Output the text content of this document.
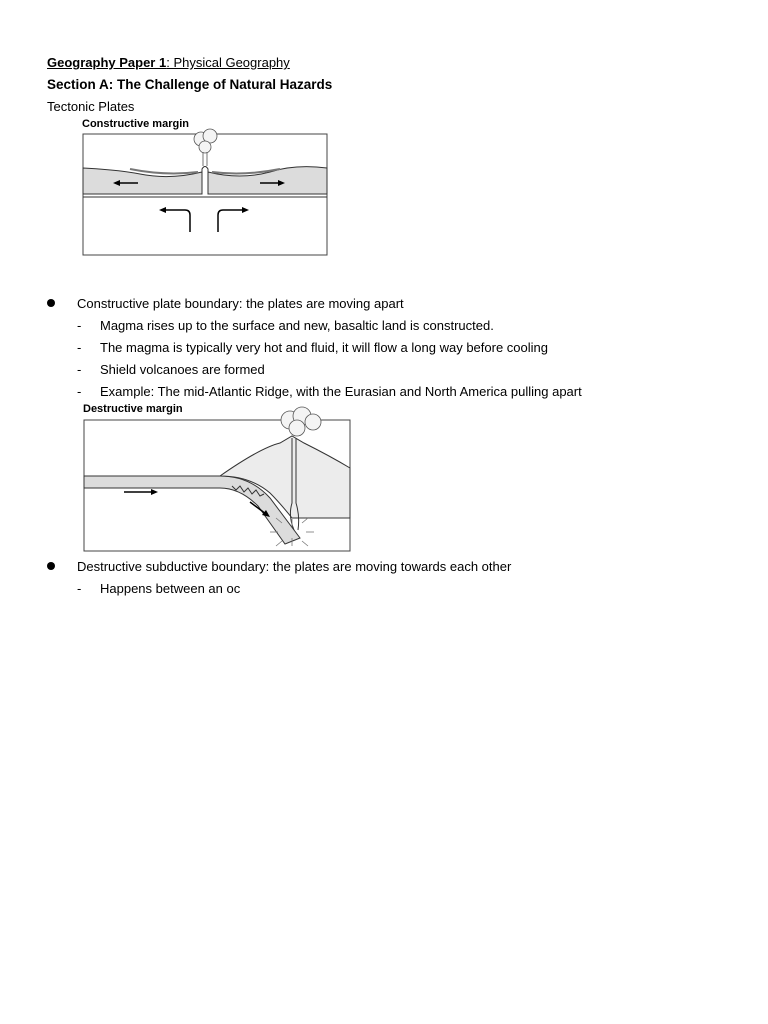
Geography Paper 1: Physical Geography
Section A: The Challenge of Natural Hazards
Tectonic Plates
Constructive margin
Constructive plate boundary: the plates are moving apart
- Magma rises up to the surface and new, basaltic land is constructed.
- The magma is typically very hot and fluid, it will flow a long way before cooling
- Shield volcanoes are formed
- Example: The mid-Atlantic Ridge, with the Eurasian and North America pulling apart
Destructive margin
Destructive subductive boundary: the plates are moving towards each other
- Happens between an oc
